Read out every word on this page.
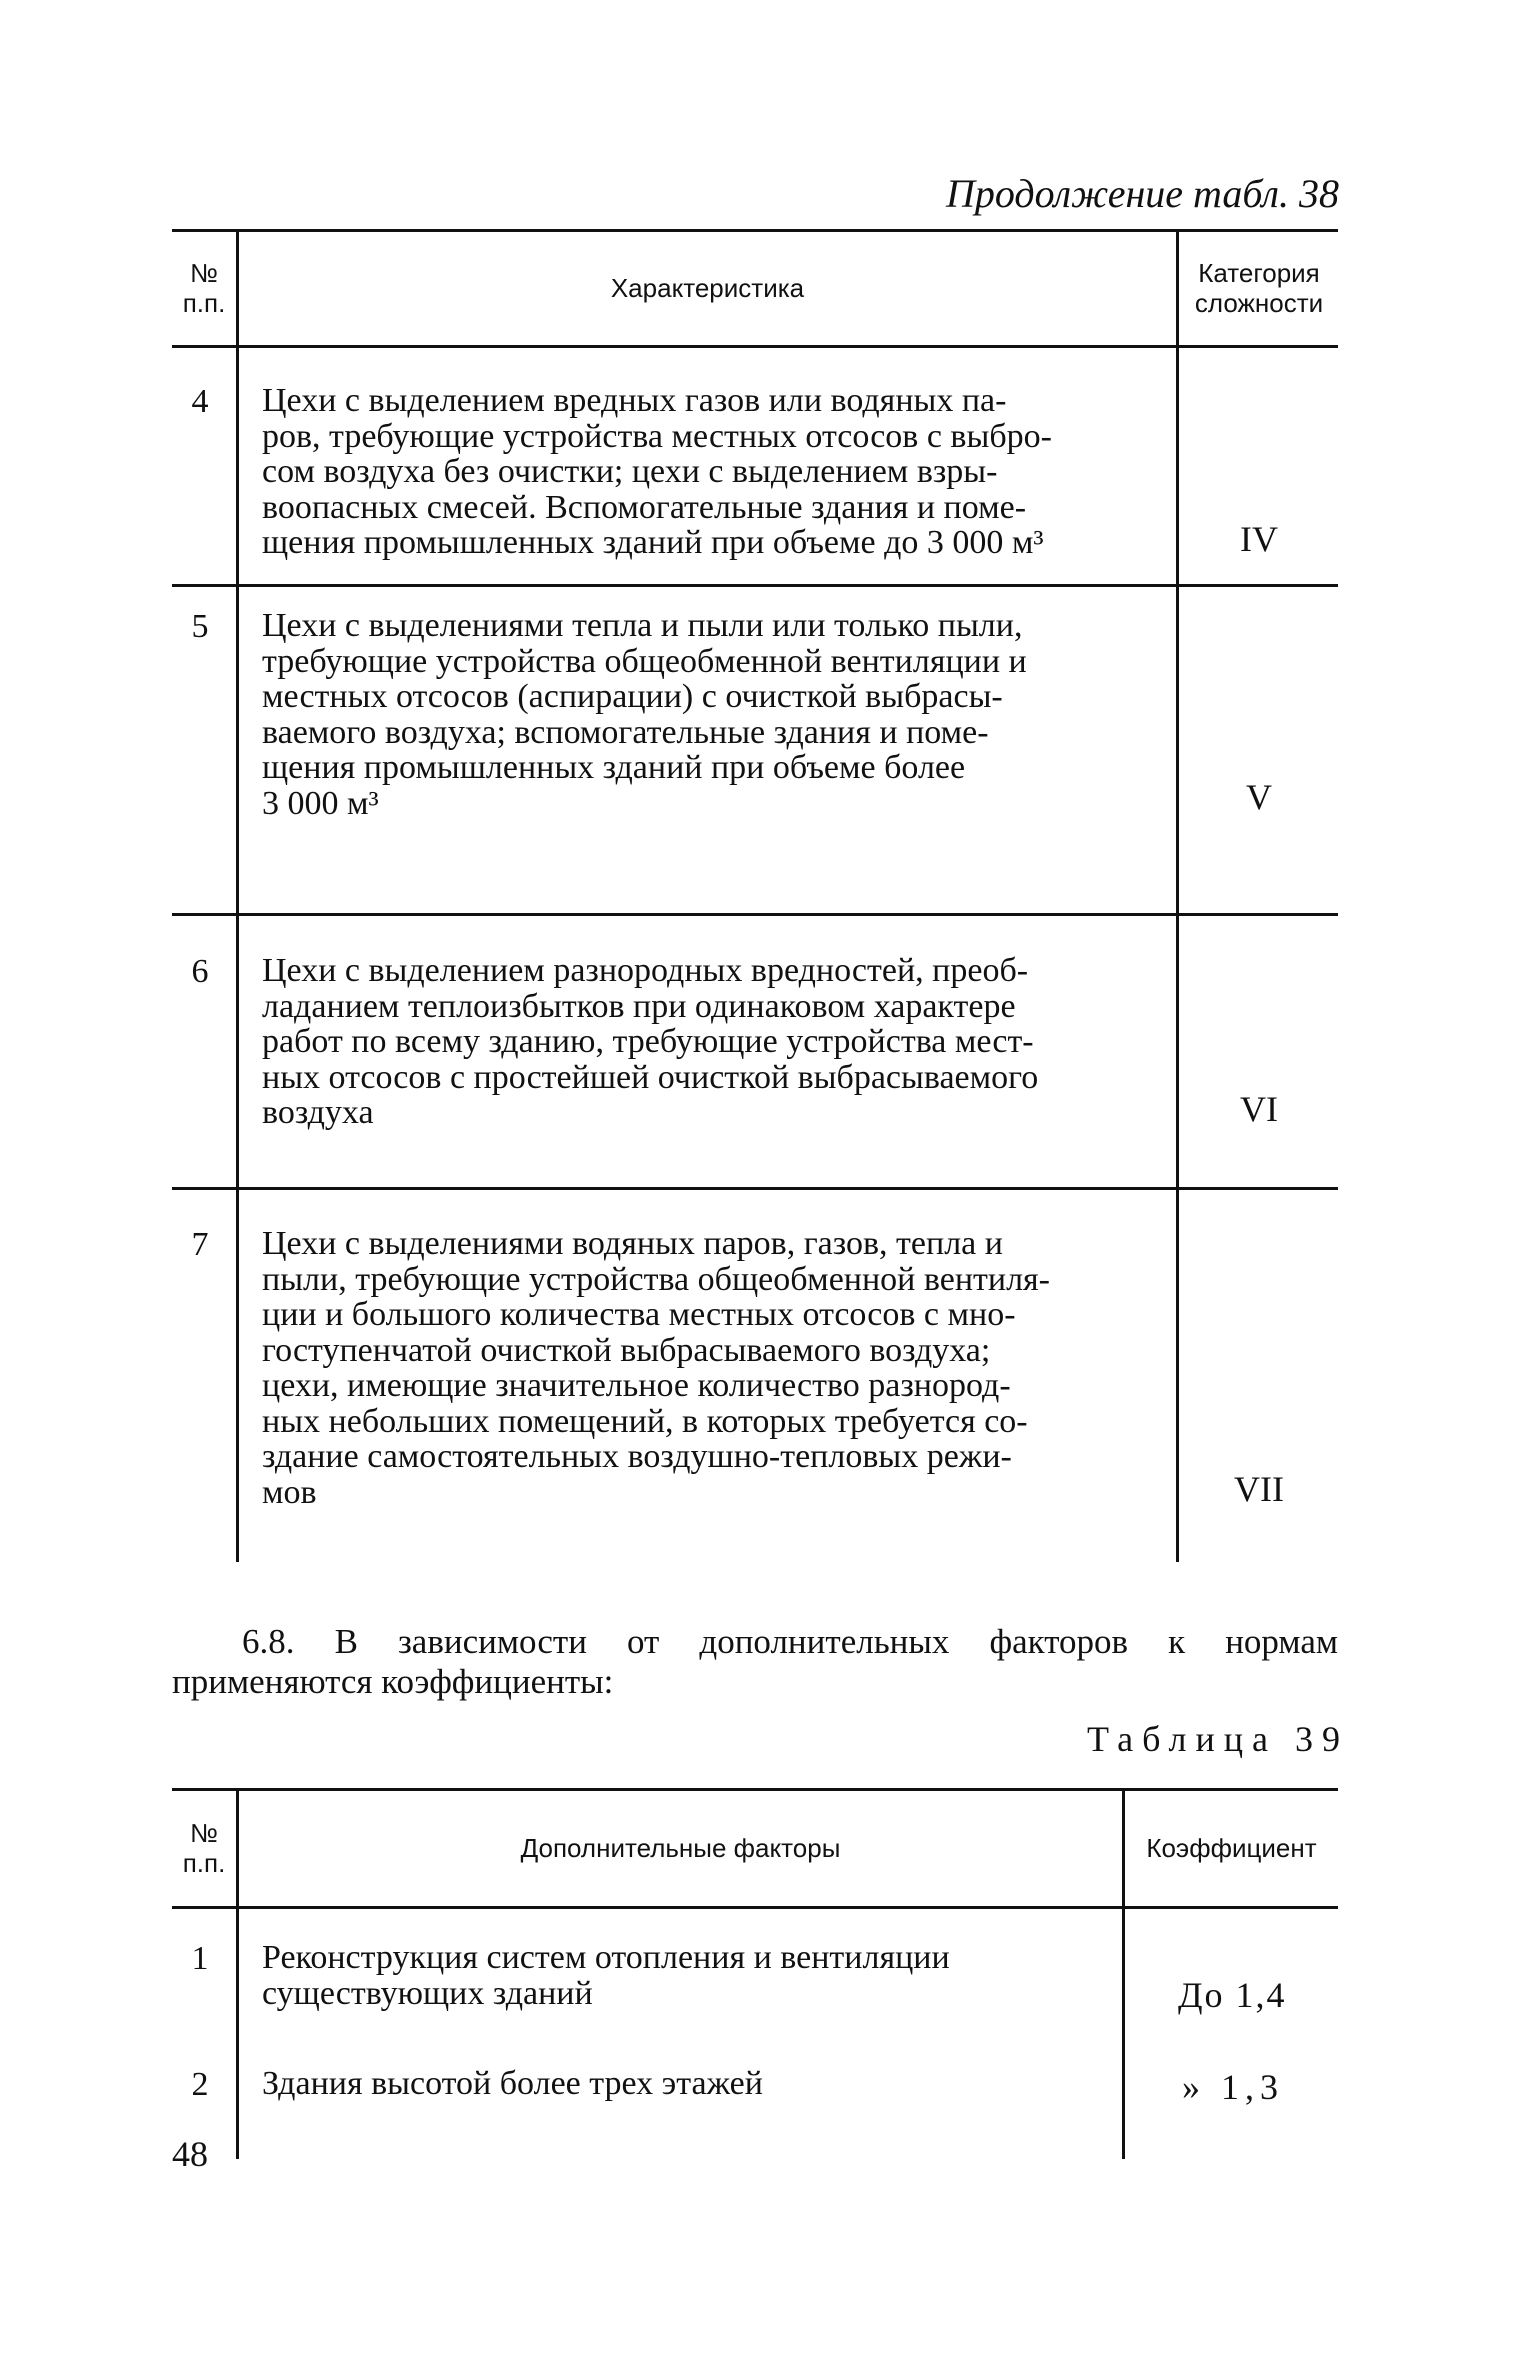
Продолжение табл. 38
№
п.п.	Характеристика	Категория
сложности
4	Цехи с выделением вредных газов или водяных па-
ров, требующие устройства местных отсосов с выбро-
сом воздуха без очистки; цехи с выделением взры-
воопасных смесей. Вспомогательные здания и поме-
щения промышленных зданий при объеме до 3 000 м³	IV
5	Цехи с выделениями тепла и пыли или только пыли,
требующие устройства общеобменной вентиляции и
местных отсосов (аспирации) с очисткой выбрасы-
ваемого воздуха; вспомогательные здания и поме-
щения промышленных зданий при объеме более
3 000 м³	V
6	Цехи с выделением разнородных вредностей, преоб-
ладанием теплоизбытков при одинаковом характере
работ по всему зданию, требующие устройства мест-
ных отсосов с простейшей очисткой выбрасываемого
воздуха	VI
7	Цехи с выделениями водяных паров, газов, тепла и
пыли, требующие устройства общеобменной вентиля-
ции и большого количества местных отсосов с мно-
гоступенчатой очисткой выбрасываемого воздуха;
цехи, имеющие значительное количество разнород-
ных небольших помещений, в которых требуется со-
здание самостоятельных воздушно-тепловых режи-
мов	VII
6.8. В зависимости от дополнительных факторов к нормам
применяются коэффициенты:
Таблица 39
№
п.п.	Дополнительные факторы	Коэффициент
1	Реконструкция систем отопления и вентиляции
существующих зданий	До 1,4
2	Здания высотой более трех этажей	» 1,3
48
